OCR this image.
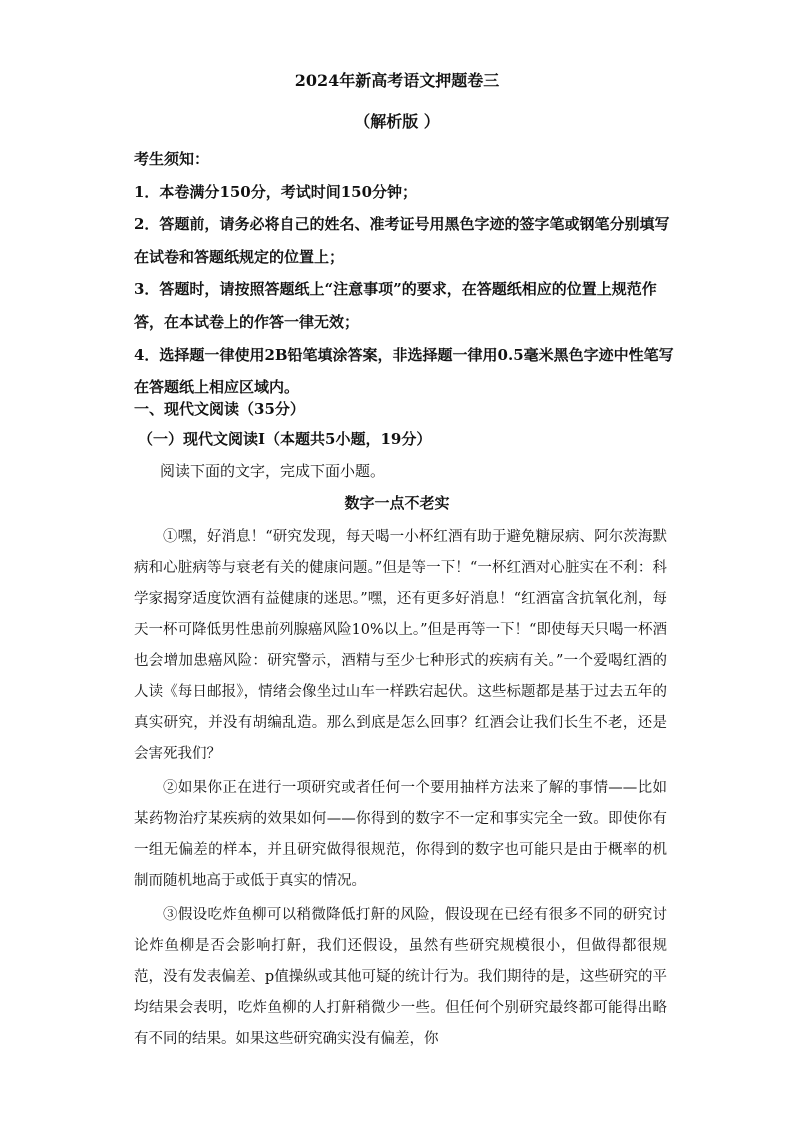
2024年新高考语文押题卷三
（解析版 ）

考生须知：

1．本卷满分150分，考试时间150分钟；

2．答题前，请务必将自己的姓名、准考证号用黑色字迹的签字笔或钢笔分别填写在试卷和答题纸规定的位置上；

3．答题时，请按照答题纸上“注意事项”的要求，在答题纸相应的位置上规范作答，在本试卷上的作答一律无效；

4．选择题一律使用2B铅笔填涂答案，非选择题一律用0.5毫米黑色字迹中性笔写在答题纸上相应区域内。

一、现代文阅读（35分）
（一）现代文阅读Ⅰ（本题共5小题，19分）
阅读下面的文字，完成下面小题。
数字一点不老实

①嘿，好消息！“研究发现，每天喝一小杯红酒有助于避免糖尿病、阿尔茨海默病和心脏病等与衰老有关的健康问题。”但是等一下！“一杯红酒对心脏实在不利：科学家揭穿适度饮酒有益健康的迷思。”嘿，还有更多好消息！“红酒富含抗氧化剂，每天一杯可降低男性患前列腺癌风险10%以上。”但是再等一下！“即使每天只喝一杯酒也会增加患癌风险：研究警示，酒精与至少七种形式的疾病有关。”一个爱喝红酒的人读《每日邮报》，情绪会像坐过山车一样跌宕起伏。这些标题都是基于过去五年的真实研究，并没有胡编乱造。那么到底是怎么回事？红酒会让我们长生不老，还是会害死我们？

②如果你正在进行一项研究或者任何一个要用抽样方法来了解的事情——比如某药物治疗某疾病的效果如何——你得到的数字不一定和事实完全一致。即使你有一组无偏差的样本，并且研究做得很规范，你得到的数字也可能只是由于概率的机制而随机地高于或低于真实的情况。

③假设吃炸鱼柳可以稍微降低打鼾的风险，假设现在已经有很多不同的研究讨论炸鱼柳是否会影响打鼾，我们还假设，虽然有些研究规模很小，但做得都很规范，没有发表偏差、p值操纵或其他可疑的统计行为。我们期待的是，这些研究的平均结果会表明，吃炸鱼柳的人打鼾稍微少一些。但任何个别研究最终都可能得出略有不同的结果。如果这些研究确实没有偏差，你
